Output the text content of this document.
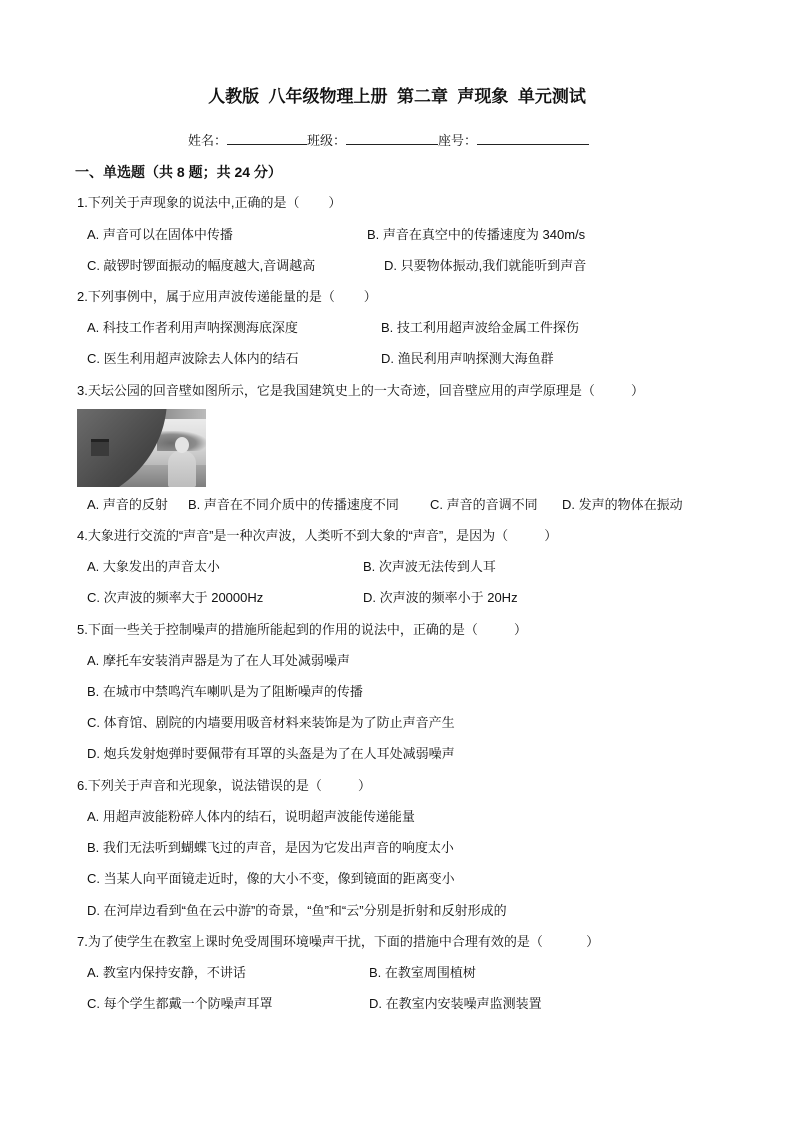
人教版  八年级物理上册  第二章  声现象  单元测试
姓名：	班级：	座号：
一、单选题（共 8 题；共 24 分）
1.下列关于声现象的说法中,正确的是（        ）
A. 声音可以在固体中传播	B. 声音在真空中的传播速度为 340m/s
C. 敲锣时锣面振动的幅度越大,音调越高	D. 只要物体振动,我们就能听到声音
2.下列事例中，属于应用声波传递能量的是（        ）
A. 科技工作者利用声呐探测海底深度	B. 技工利用超声波给金属工件探伤
C. 医生利用超声波除去人体内的结石	D. 渔民利用声呐探测大海鱼群
3.天坛公园的回音壁如图所示，它是我国建筑史上的一大奇迹，回音壁应用的声学原理是（          ）
A. 声音的反射 B. 声音在不同介质中的传播速度不同 C. 声音的音调不同 D. 发声的物体在振动
4.大象进行交流的“声音”是一种次声波，人类听不到大象的“声音”，是因为（          ）
A. 大象发出的声音太小	B. 次声波无法传到人耳
C. 次声波的频率大于 20000Hz	D. 次声波的频率小于 20Hz
5.下面一些关于控制噪声的措施所能起到的作用的说法中，正确的是（          ）
A. 摩托车安装消声器是为了在人耳处减弱噪声
B. 在城市中禁鸣汽车喇叭是为了阻断噪声的传播
C. 体育馆、剧院的内墙要用吸音材料来装饰是为了防止声音产生
D. 炮兵发射炮弹时要佩带有耳罩的头盔是为了在人耳处减弱噪声
6.下列关于声音和光现象，说法错误的是（          ）
A. 用超声波能粉碎人体内的结石，说明超声波能传递能量
B. 我们无法听到蝴蝶飞过的声音，是因为它发出声音的响度太小
C. 当某人向平面镜走近时，像的大小不变，像到镜面的距离变小
D. 在河岸边看到“鱼在云中游”的奇景，“鱼”和“云”分别是折射和反射形成的
7.为了使学生在教室上课时免受周围环境噪声干扰，下面的措施中合理有效的是（            ）
A. 教室内保持安静，不讲话	B. 在教室周围植树
C. 每个学生都戴一个防噪声耳罩	D. 在教室内安装噪声监测装置
